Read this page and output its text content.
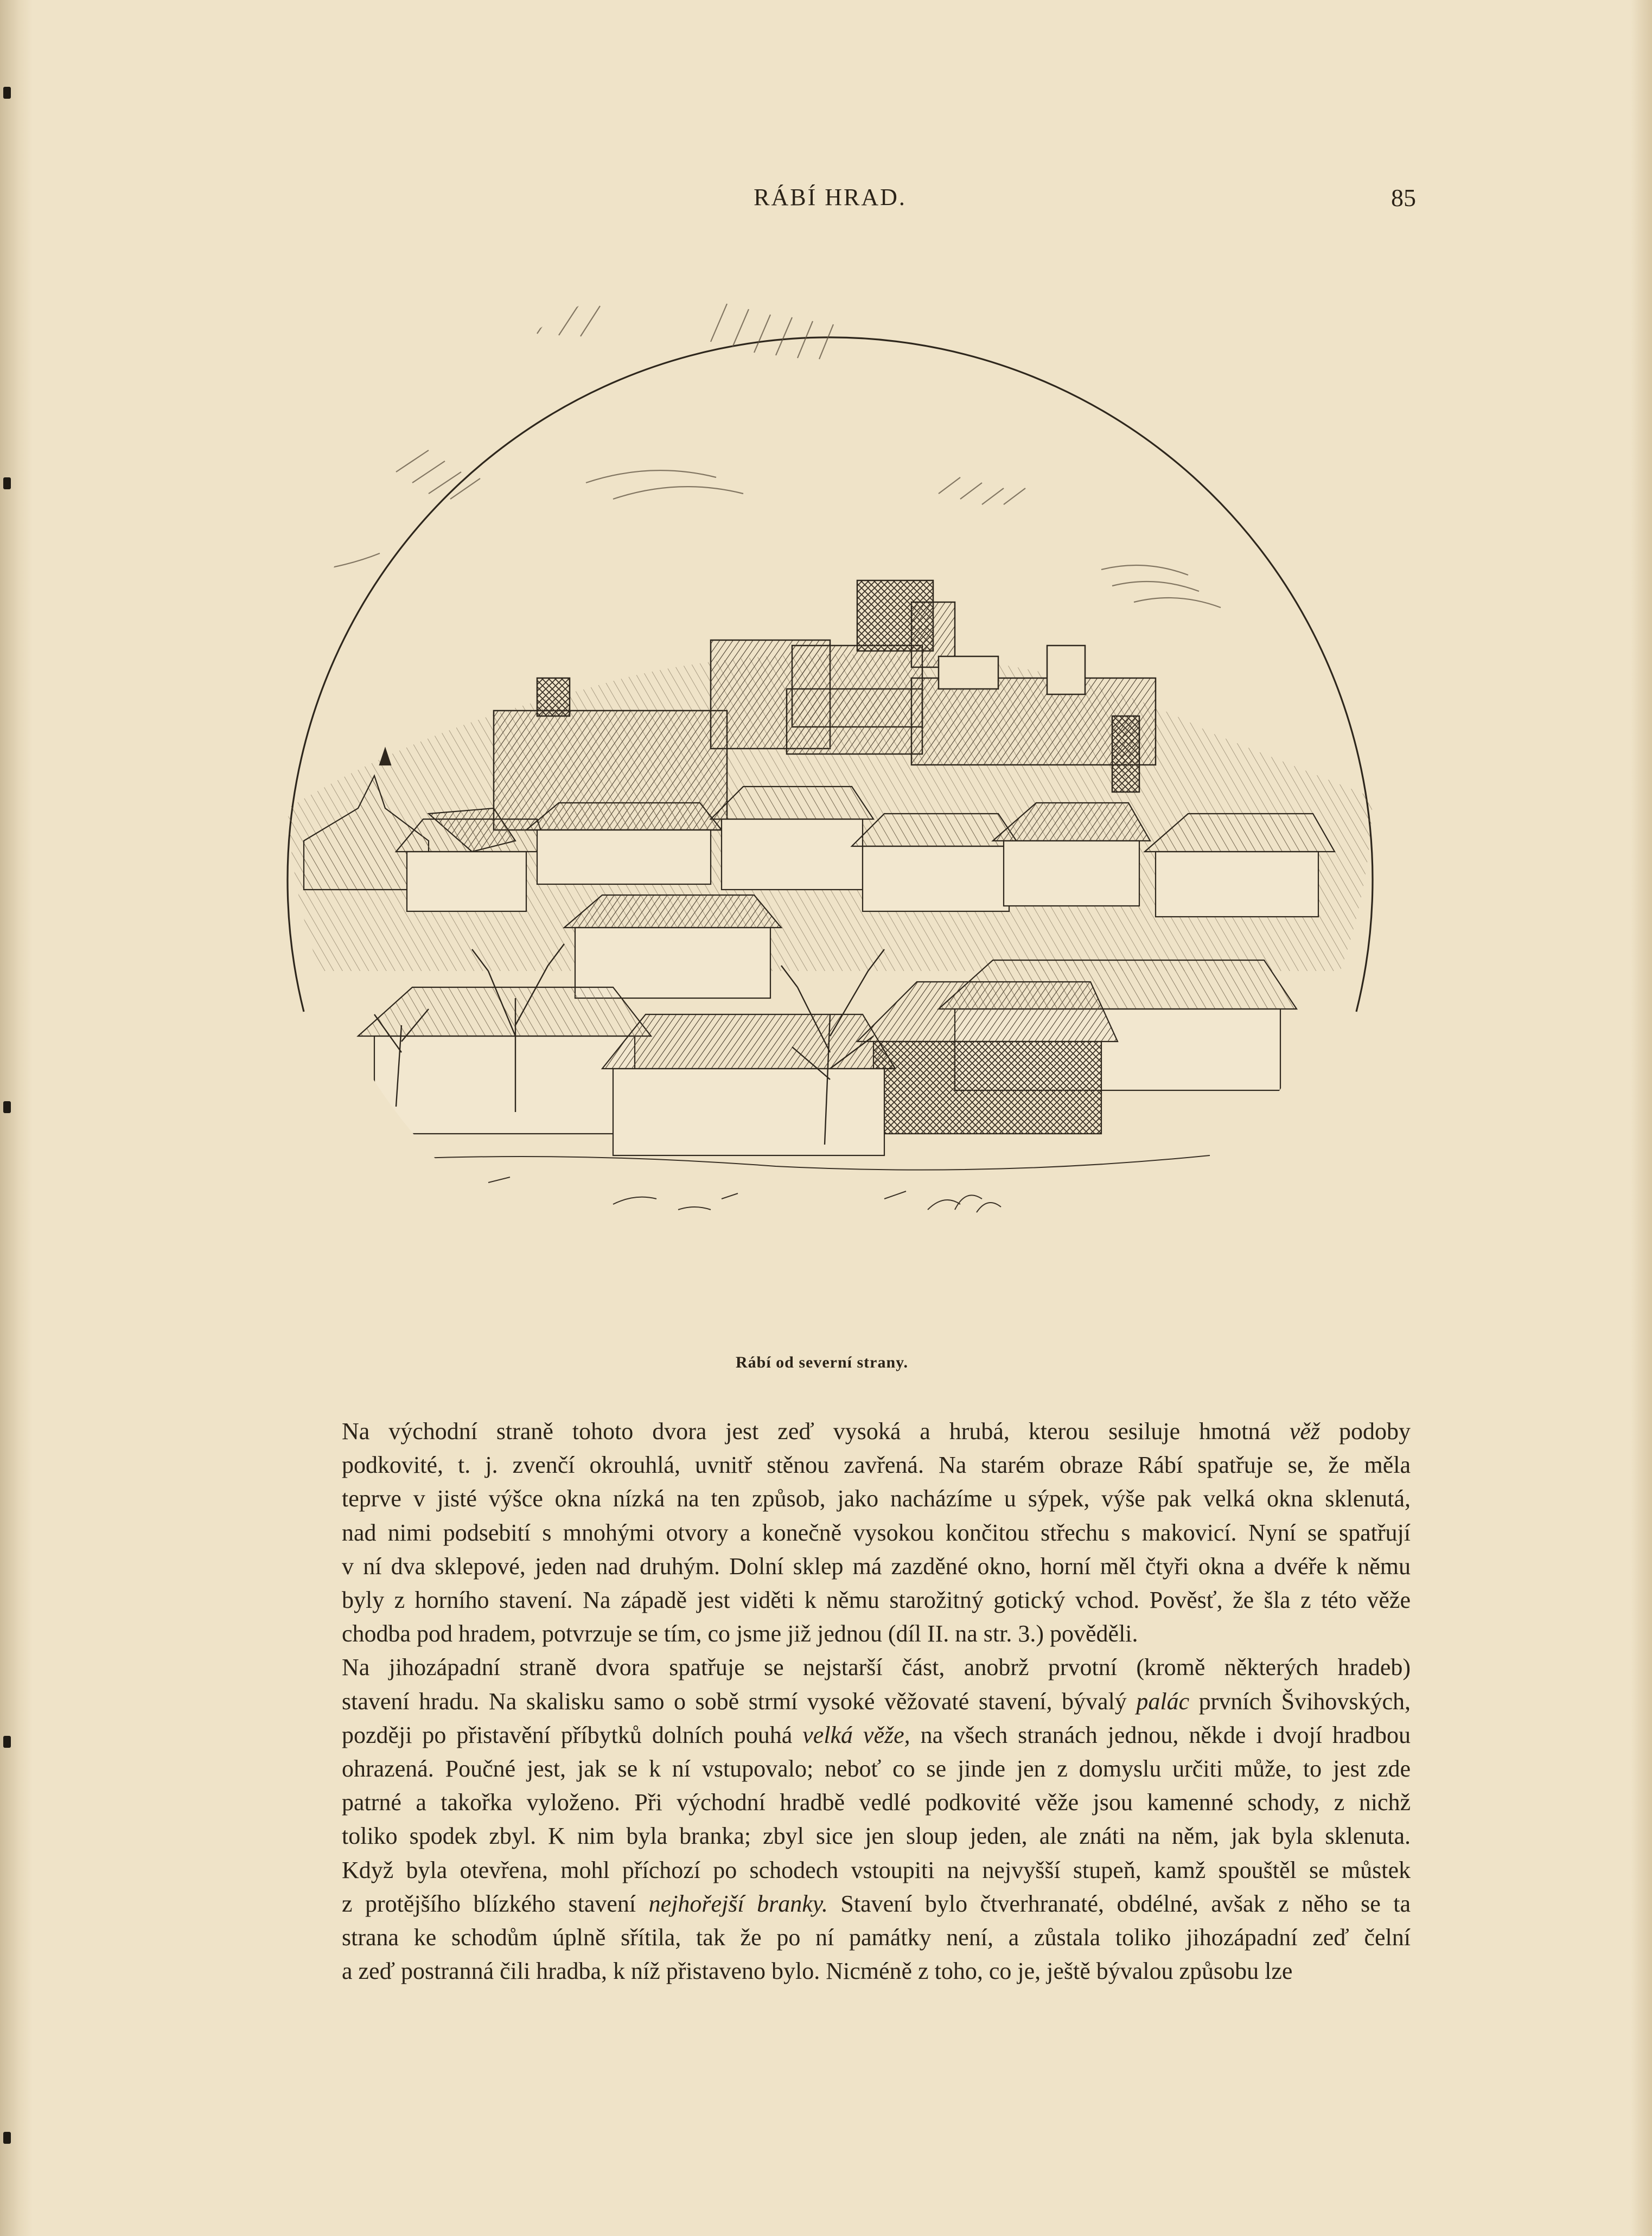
RÁBÍ HRAD.	85
Rábí od severní strany.

Na východní straně tohoto dvora jest zeď vysoká a hrubá, kterou sesiluje hmotná věž podoby
podkovité, t. j. zvenčí okrouhlá, uvnitř stěnou zavřená. Na starém obraze Rábí spatřuje se, že měla
teprve v jisté výšce okna nízká na ten způsob, jako nacházíme u sýpek, výše pak velká okna sklenutá,
nad nimi podsebití s mnohými otvory a konečně vysokou končitou střechu s makovicí. Nyní se spatřují
v ní dva sklepové, jeden nad druhým. Dolní sklep má zazděné okno, horní měl čtyři okna a dvéře k němu
byly z horního stavení. Na západě jest viděti k němu starožitný gotický vchod. Pověsť, že šla z této věže
chodba pod hradem, potvrzuje se tím, co jsme již jednou (díl II. na str. 3.) pověděli.

Na jihozápadní straně dvora spatřuje se nejstarší část, anobrž prvotní (kromě některých hradeb)
stavení hradu. Na skalisku samo o sobě strmí vysoké věžovaté stavení, bývalý palác prvních Švihovských,
později po přistavění příbytků dolních pouhá velká věže, na všech stranách jednou, někde i dvojí hradbou
ohrazená. Poučné jest, jak se k ní vstupovalo; neboť co se jinde jen z domyslu určiti může, to jest zde
patrné a takořka vyloženo. Při východní hradbě vedlé podkovité věže jsou kamenné schody, z nichž
toliko spodek zbyl. K nim byla branka; zbyl sice jen sloup jeden, ale znáti na něm, jak byla sklenuta.
Když byla otevřena, mohl příchozí po schodech vstoupiti na nejvyšší stupeň, kamž spouštěl se můstek
z protějšího blízkého stavení nejhořejší branky. Stavení bylo čtverhranaté, obdélné, avšak z něho se ta
strana ke schodům úplně sřítila, tak že po ní památky není, a zůstala toliko jihozápadní zeď čelní
a zeď postranná čili hradba, k níž přistaveno bylo. Nicméně z toho, co je, ještě bývalou způsobu lze
